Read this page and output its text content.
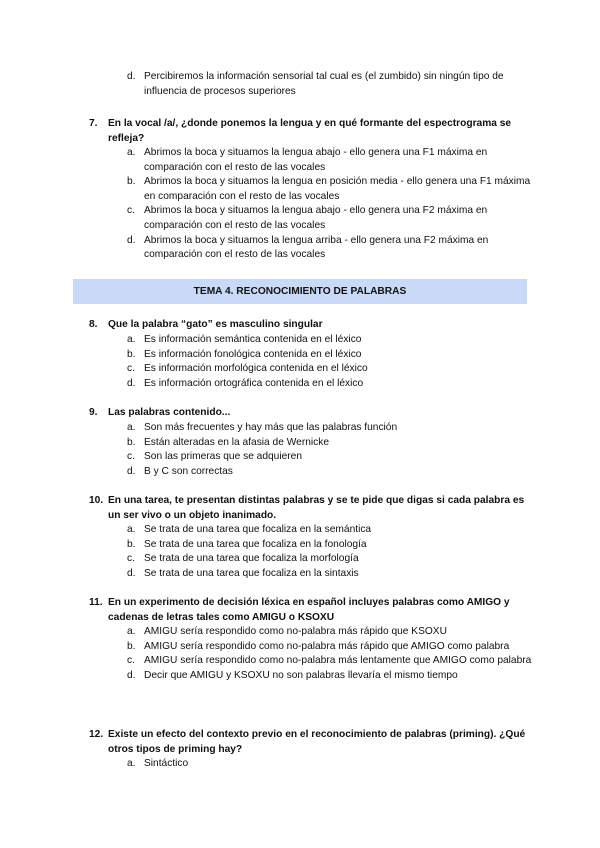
d. Percibiremos la información sensorial tal cual es (el zumbido) sin ningún tipo de influencia de procesos superiores
7. En la vocal /a/, ¿donde ponemos la lengua y en qué formante del espectrograma se refleja?
a. Abrimos la boca y situamos la lengua abajo - ello genera una F1 máxima en comparación con el resto de las vocales
b. Abrimos la boca y situamos la lengua en posición media - ello genera una F1 máxima en comparación con el resto de las vocales
c. Abrimos la boca y situamos la lengua abajo - ello genera una F2 máxima en comparación con el resto de las vocales
d. Abrimos la boca y situamos la lengua arriba - ello genera una F2 máxima en comparación con el resto de las vocales
TEMA 4. RECONOCIMIENTO DE PALABRAS
8. Que la palabra “gato” es masculino singular
a. Es información semántica contenida en el léxico
b. Es información fonológica contenida en el léxico
c. Es información morfológica contenida en el léxico
d. Es información ortográfica contenida en el léxico
9. Las palabras contenido...
a. Son más frecuentes y hay más que las palabras función
b. Están alteradas en la afasia de Wernicke
c. Son las primeras que se adquieren
d. B y C son correctas
10. En una tarea, te presentan distintas palabras y se te pide que digas si cada palabra es un ser vivo o un objeto inanimado.
a. Se trata de una tarea que focaliza en la semántica
b. Se trata de una tarea que focaliza en la fonología
c. Se trata de una tarea que focaliza la morfología
d. Se trata de una tarea que focaliza en la sintaxis
11. En un experimento de decisión léxica en español incluyes palabras como AMIGO y cadenas de letras tales como AMIGU o KSOXU
a. AMIGU sería respondido como no-palabra más rápido que KSOXU
b. AMIGU sería respondido como no-palabra más rápido que AMIGO como palabra
c. AMIGU sería respondido como no-palabra más lentamente que AMIGO como palabra
d. Decir que AMIGU y KSOXU no son palabras llevaría el mismo tiempo
12. Existe un efecto del contexto previo en el reconocimiento de palabras (priming). ¿Qué otros tipos de priming hay?
a. Sintáctico
